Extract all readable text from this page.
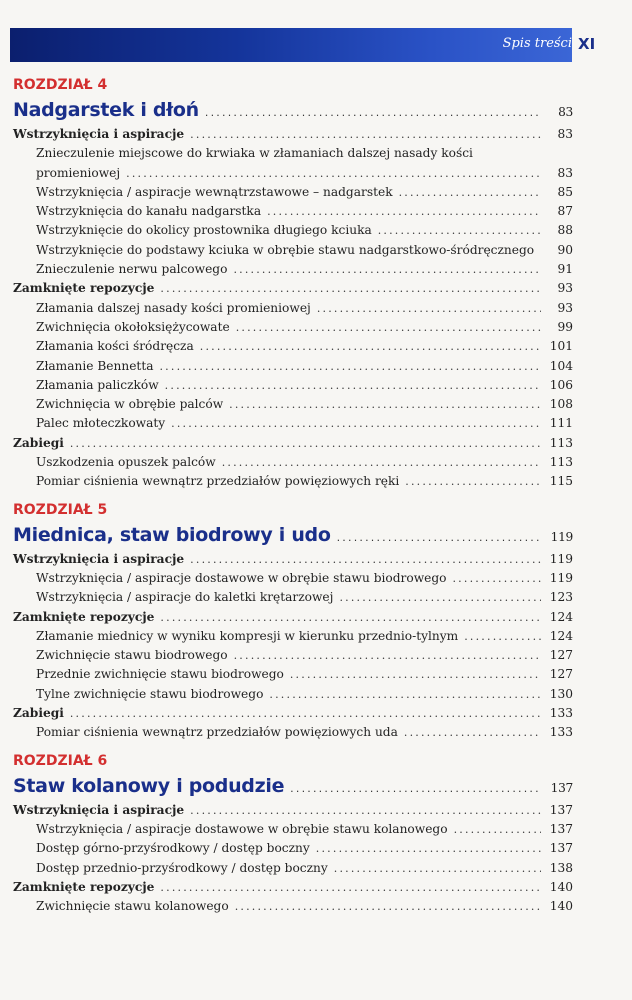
Spis treści XI
ROZDZIAŁ 4
Nadgarstek i dłoń .....	83
Wstrzyknięcia i aspiracje .....	83
Znieczulenie miejscowe do krwiaka w złamaniach dalszej nasady kości
promieniowej .....	83
Wstrzyknięcia / aspiracje wewnątrzstawowe – nadgarstek .....	85
Wstrzyknięcia do kanału nadgarstka .....	87
Wstrzyknięcie do okolicy prostownika długiego kciuka .....	88
Wstrzyknięcie do podstawy kciuka w obrębie stawu nadgarstkowo-śródręcznego .....	90
Znieczulenie nerwu palcowego .....	91
Zamknięte repozycje .....	93
Złamania dalszej nasady kości promieniowej .....	93
Zwichnięcia okołoksiężycowate .....	99
Złamania kości śródręcza .....	101
Złamanie Bennetta .....	104
Złamania paliczków .....	106
Zwichnięcia w obrębie palców .....	108
Palec młoteczkowaty .....	111
Zabiegi .....	113
Uszkodzenia opuszek palców .....	113
Pomiar ciśnienia wewnątrz przedziałów powięziowych ręki .....	115
ROZDZIAŁ 5
Miednica, staw biodrowy i udo .....	119
Wstrzyknięcia i aspiracje .....	119
Wstrzyknięcia / aspiracje dostawowe w obrębie stawu biodrowego .....	119
Wstrzyknięcia / aspiracje do kaletki krętarzowej .....	123
Zamknięte repozycje .....	124
Złamanie miednicy w wyniku kompresji w kierunku przednio-tylnym .....	124
Zwichnięcie stawu biodrowego .....	127
Przednie zwichnięcie stawu biodrowego .....	127
Tylne zwichnięcie stawu biodrowego .....	130
Zabiegi .....	133
Pomiar ciśnienia wewnątrz przedziałów powięziowych uda .....	133
ROZDZIAŁ 6
Staw kolanowy i podudzie .....	137
Wstrzyknięcia i aspiracje .....	137
Wstrzyknięcia / aspiracje dostawowe w obrębie stawu kolanowego .....	137
Dostęp górno-przyśrodkowy / dostęp boczny .....	137
Dostęp przednio-przyśrodkowy / dostęp boczny .....	138
Zamknięte repozycje .....	140
Zwichnięcie stawu kolanowego .....	140
